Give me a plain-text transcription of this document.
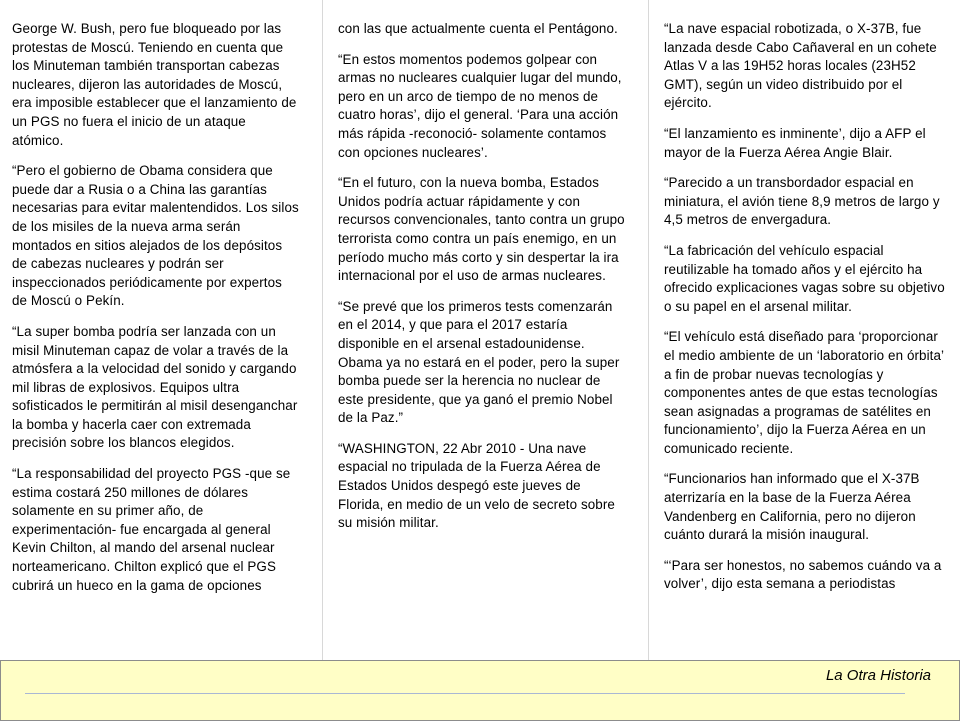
George W. Bush, pero fue bloqueado por las protestas de Moscú. Teniendo en cuenta que los Minuteman también transportan cabezas nucleares, dijeron las autoridades de Moscú, era imposible establecer que el lanzamiento de un PGS no fuera el inicio de un ataque atómico.

“Pero el gobierno de Obama considera que puede dar a Rusia o a China las garantías necesarias para evitar malentendidos. Los silos de los misiles de la nueva arma serán montados en sitios alejados de los depósitos de cabezas nucleares y podrán ser inspeccionados periódicamente por expertos de Moscú o Pekín.

“La super bomba podría ser lanzada con un misil Minuteman capaz de volar a través de la atmósfera a la velocidad del sonido y cargando mil libras de explosivos. Equipos ultra sofisticados le permitirán al misil desenganchar la bomba y hacerla caer con extremada precisión sobre los blancos elegidos.

“La responsabilidad del proyecto PGS -que se estima costará 250 millones de dólares solamente en su primer año, de experimentación- fue encargada al general Kevin Chilton, al mando del arsenal nuclear norteamericano. Chilton explicó que el PGS cubrirá un hueco en la gama de opciones

con las que actualmente cuenta el Pentágono.

“En estos momentos podemos golpear con armas no nucleares cualquier lugar del mundo, pero en un arco de tiempo de no menos de cuatro horas’, dijo el general. ‘Para una acción más rápida -reconoció- solamente contamos con opciones nucleares’.

“En el futuro, con la nueva bomba, Estados Unidos podría actuar rápidamente y con recursos convencionales, tanto contra un grupo terrorista como contra un país enemigo, en un período mucho más corto y sin despertar la ira internacional por el uso de armas nucleares.

“Se prevé que los primeros tests comenzarán en el 2014, y que para el 2017 estaría disponible en el arsenal estadounidense. Obama ya no estará en el poder, pero la super bomba puede ser la herencia no nuclear de este presidente, que ya ganó el premio Nobel de la Paz.”

“WASHINGTON, 22 Abr 2010 - Una nave espacial no tripulada de la Fuerza Aérea de Estados Unidos despegó este jueves de Florida, en medio de un velo de secreto sobre su misión militar.

“La nave espacial robotizada, o X-37B, fue lanzada desde Cabo Cañaveral en un cohete Atlas V a las 19H52 horas locales (23H52 GMT), según un video distribuido por el ejército.

“El lanzamiento es inminente’, dijo a AFP el mayor de la Fuerza Aérea Angie Blair.

“Parecido a un transbordador espacial en miniatura, el avión tiene 8,9 metros de largo y 4,5 metros de envergadura.

“La fabricación del vehículo espacial reutilizable ha tomado años y el ejército ha ofrecido explicaciones vagas sobre su objetivo o su papel en el arsenal militar.

“El vehículo está diseñado para ‘proporcionar el medio ambiente de un ‘laboratorio en órbita’ a fin de probar nuevas tecnologías y componentes antes de que estas tecnologías sean asignadas a programas de satélites en funcionamiento’, dijo la Fuerza Aérea en un comunicado reciente.

“Funcionarios han informado que el X-37B aterrizaría en la base de la Fuerza Aérea Vandenberg en California, pero no dijeron cuánto durará la misión inaugural.

“‘Para ser honestos, no sabemos cuándo va a volver’, dijo esta semana a periodistas

La Otra Historia
